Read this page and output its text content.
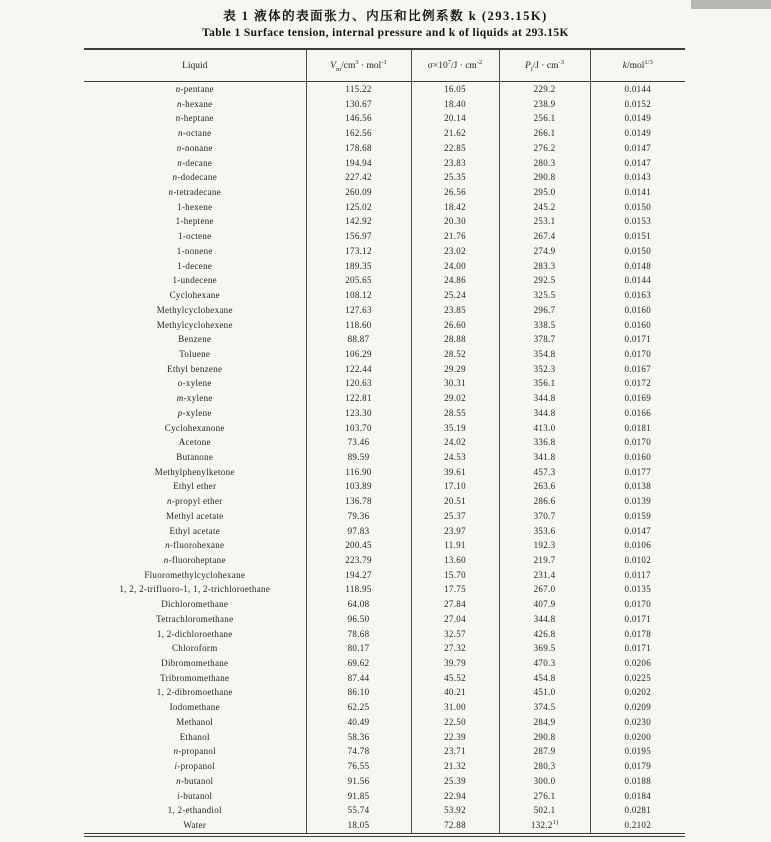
表 1 液体的表面张力、内压和比例系数 k (293.15K)
Table 1 Surface tension, internal pressure and k of liquids at 293.15K
Liquid	$V_m/cm^3 \cdot mol^{-1}$	$\sigma\times 10^7/J \cdot cm^{-2}$	$P_i/J \cdot cm^{-3}$	k/mol$^{1/3}$
n-pentane	115.22	16.05	229.2	0.0144
n-hexane	130.67	18.40	238.9	0.0152
n-heptane	146.56	20.14	256.1	0.0149
n-octane	162.56	21.62	266.1	0.0149
n-nonane	178.68	22.85	276.2	0.0147
n-decane	194.94	23.83	280.3	0.0147
n-dodecane	227.42	25.35	290.8	0.0143
n-tetradecane	260.09	26.56	295.0	0.0141
1-hexene	125.02	18.42	245.2	0.0150
1-heptene	142.92	20.30	253.1	0.0153
1-octene	156.97	21.76	267.4	0.0151
1-nonene	173.12	23.02	274.9	0.0150
1-decene	189.35	24.00	283.3	0.0148
1-undecene	205.65	24.86	292.5	0.0144
Cyclohexane	108.12	25.24	325.5	0.0163
Methylcyclohexane	127.63	23.85	296.7	0.0160
Methylcyclohexene	118.60	26.60	338.5	0.0160
Benzene	88.87	28.88	378.7	0.0171
Toluene	106.29	28.52	354.8	0.0170
Ethyl benzene	122.44	29.29	352.3	0.0167
o-xylene	120.63	30.31	356.1	0.0172
m-xylene	122.81	29.02	344.8	0.0169
p-xylene	123.30	28.55	344.8	0.0166
Cyclohexanone	103.70	35.19	413.0	0.0181
Acetone	73.46	24.02	336.8	0.0170
Butanone	89.59	24.53	341.8	0.0160
Methylphenylketone	116.90	39.61	457.3	0.0177
Ethyl ether	103.89	17.10	263.6	0.0138
n-propyl ether	136.78	20.51	286.6	0.0139
Methyl acetate	79.36	25.37	370.7	0.0159
Ethyl acetate	97.83	23.97	353.6	0.0147
n-fluorohexane	200.45	11.91	192.3	0.0106
n-fluoroheptane	223.79	13.60	219.7	0.0102
Fluoromethylcyclohexane	194.27	15.70	231.4	0.0117
1, 2, 2-trifluoro-1, 1, 2-trichloroethane	118.95	17.75	267.0	0.0135
Dichloromethane	64.08	27.84	407.9	0.0170
Tetrachloromethane	96.50	27.04	344.8	0.0171
1, 2-dichloroethane	78.68	32.57	426.8	0.0178
Chloroform	80.17	27.32	369.5	0.0171
Dibromomethane	69.62	39.79	470.3	0.0206
Tribromomethane	87.44	45.52	454.8	0.0225
1, 2-dibromoethane	86.10	40.21	451.0	0.0202
Iodomethane	62.25	31.00	374.5	0.0209
Methanol	40.49	22.50	284.9	0.0230
Ethanol	58.36	22.39	290.8	0.0200
n-propanol	74.78	23.71	287.9	0.0195
i-propanol	76.55	21.32	280.3	0.0179
n-butanol	91.56	25.39	300.0	0.0188
i-butanol	91.85	22.94	276.1	0.0184
1, 2-ethandiol	55.74	53.92	502.1	0.0281
Water	18.05	72.88	132.2$^{1)}$	0.2102
